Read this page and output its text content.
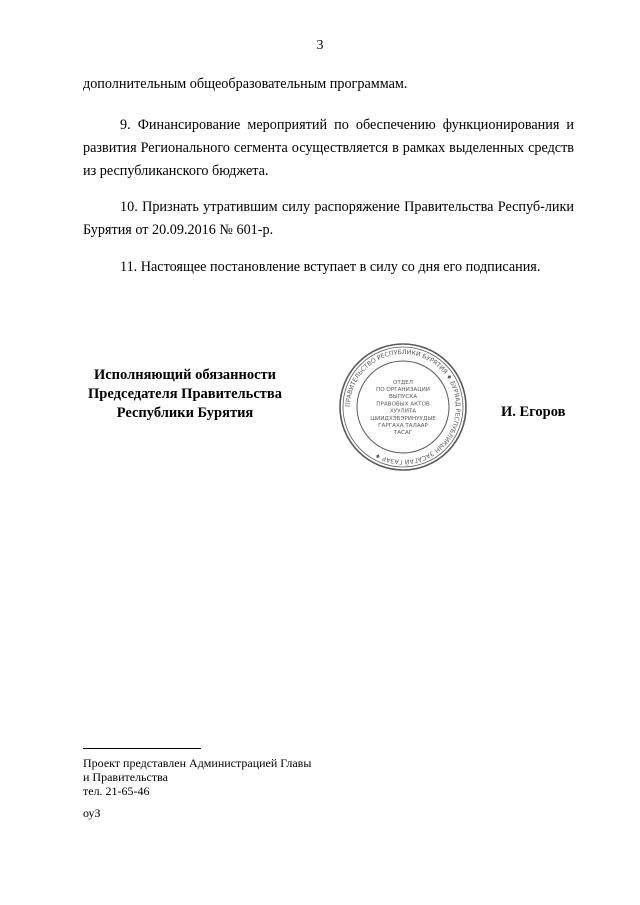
3
дополнительным общеобразовательным программам.
9. Финансирование мероприятий по обеспечению функционирования и развития Регионального сегмента осуществляется в рамках выделенных средств из республиканского бюджета.
10. Признать утратившим силу распоряжение Правительства Респуб-лики Бурятия от 20.09.2016 № 601-р.
11. Настоящее постановление вступает в силу со дня его подписания.
Исполняющий обязанности
Председателя Правительства
Республики Бурятия
ПРАВИТЕЛЬСТВО РЕСПУБЛИКИ БУРЯТИЯ ♦ БУРЯАД РЕСПУБЛИКЫН ЗАСАГАЙ ГАЗАР ♦
ОТДЕЛ
ПО ОРГАНИЗАЦИИ
ВЫПУСКА
ПРАВОВЫХ АКТОВ
ХУУЛИТА
ШИИДХЭБЭРИНУУДЫЕ
ГАРГАХА ТАЛААР
ТАСАГ
И. Егоров
Проект представлен Администрацией Главы
и Правительства
тел. 21-65-46
оуЗ
